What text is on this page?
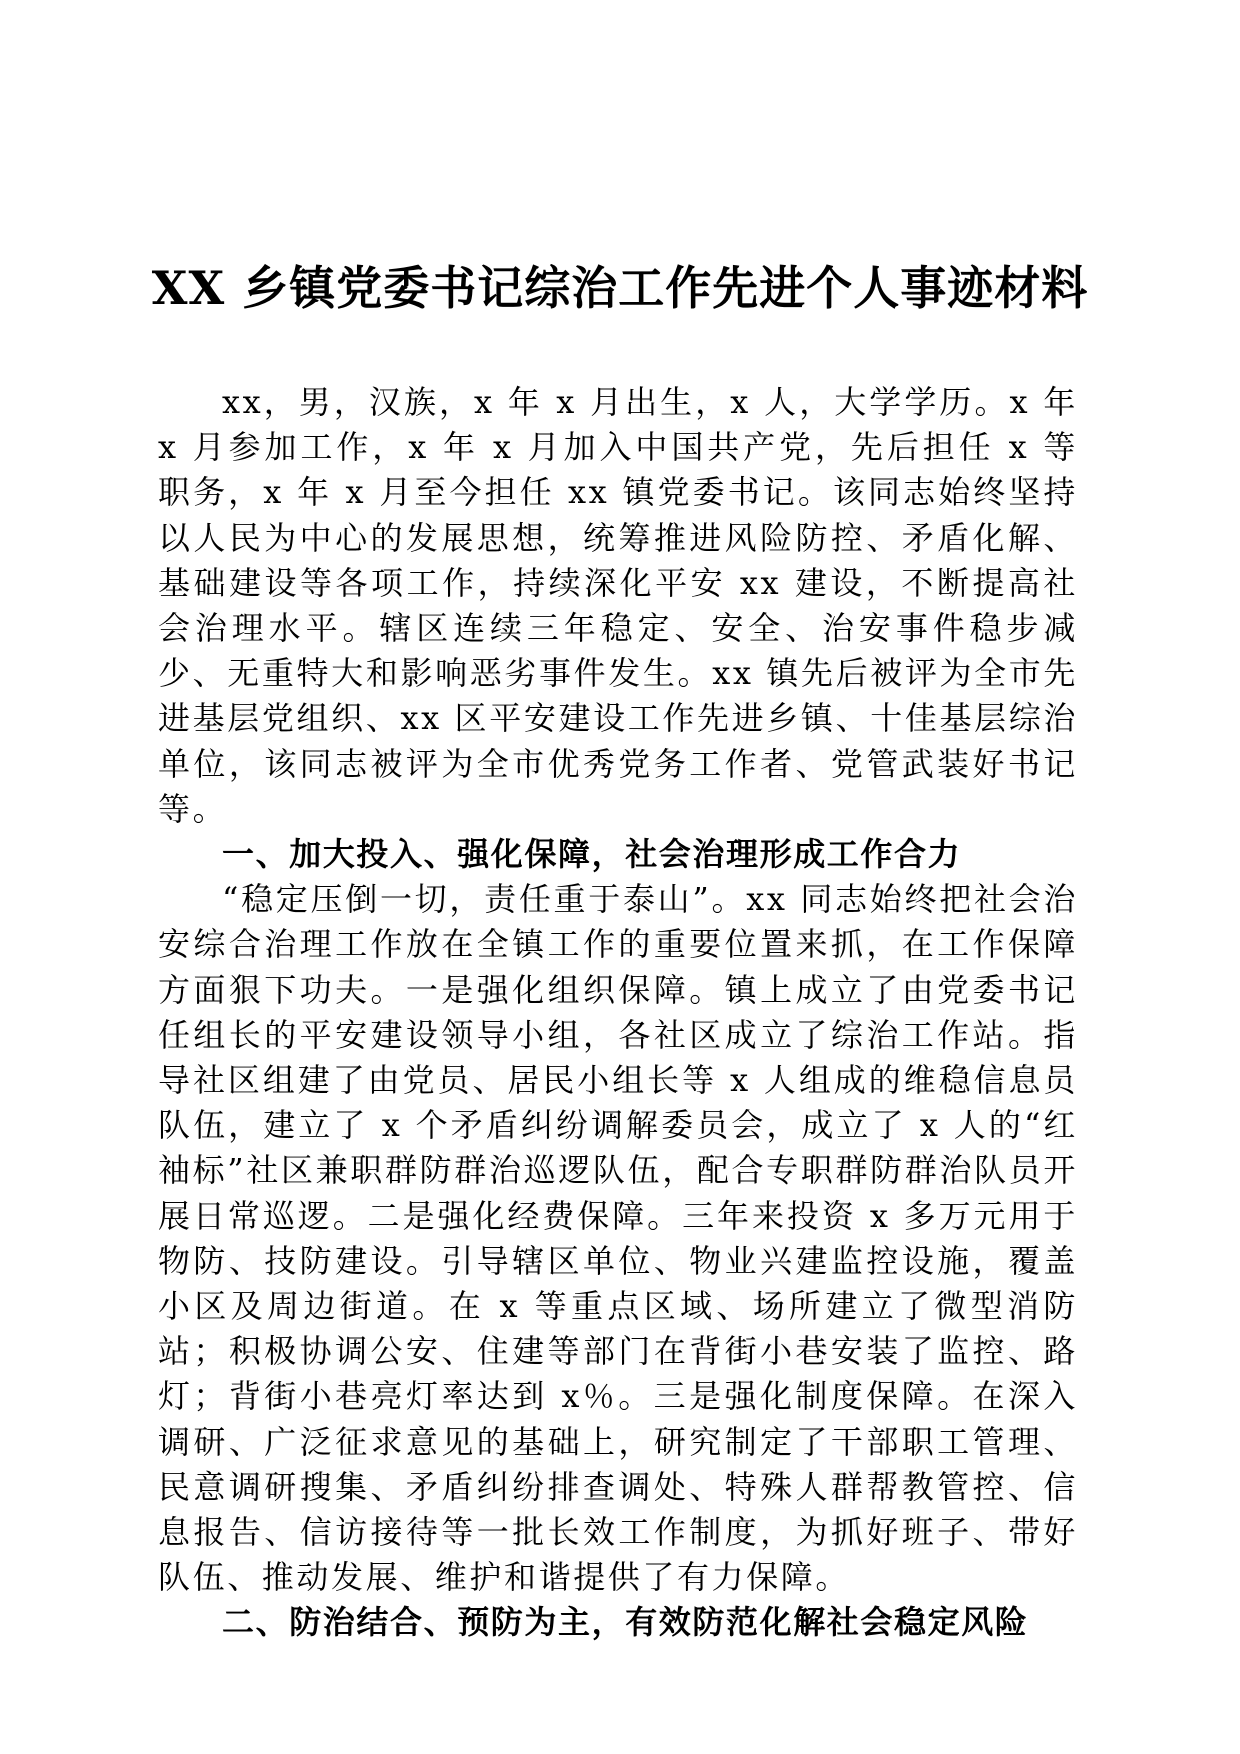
XX 乡镇党委书记综治工作先进个人事迹材料

xx，男，汉族，x 年 x 月出生，x 人，大学学历。x 年 x 月参加工作，x 年 x 月加入中国共产党，先后担任 x 等职务，x 年 x 月至今担任 xx 镇党委书记。该同志始终坚持以人民为中心的发展思想，统筹推进风险防控、矛盾化解、基础建设等各项工作，持续深化平安 xx 建设，不断提高社会治理水平。辖区连续三年稳定、安全、治安事件稳步减少、无重特大和影响恶劣事件发生。xx 镇先后被评为全市先进基层党组织、xx 区平安建设工作先进乡镇、十佳基层综治单位，该同志被评为全市优秀党务工作者、党管武装好书记等。

一、加大投入、强化保障，社会治理形成工作合力

“稳定压倒一切，责任重于泰山”。xx 同志始终把社会治安综合治理工作放在全镇工作的重要位置来抓，在工作保障方面狠下功夫。一是强化组织保障。镇上成立了由党委书记任组长的平安建设领导小组，各社区成立了综治工作站。指导社区组建了由党员、居民小组长等 x 人组成的维稳信息员队伍，建立了 x 个矛盾纠纷调解委员会，成立了 x 人的“红袖标”社区兼职群防群治巡逻队伍，配合专职群防群治队员开展日常巡逻。二是强化经费保障。三年来投资 x 多万元用于物防、技防建设。引导辖区单位、物业兴建监控设施，覆盖小区及周边街道。在 x 等重点区域、场所建立了微型消防站；积极协调公安、住建等部门在背街小巷安装了监控、路灯；背街小巷亮灯率达到 x％。三是强化制度保障。在深入调研、广泛征求意见的基础上，研究制定了干部职工管理、民意调研搜集、矛盾纠纷排查调处、特殊人群帮教管控、信息报告、信访接待等一批长效工作制度，为抓好班子、带好队伍、推动发展、维护和谐提供了有力保障。

二、防治结合、预防为主，有效防范化解社会稳定风险
